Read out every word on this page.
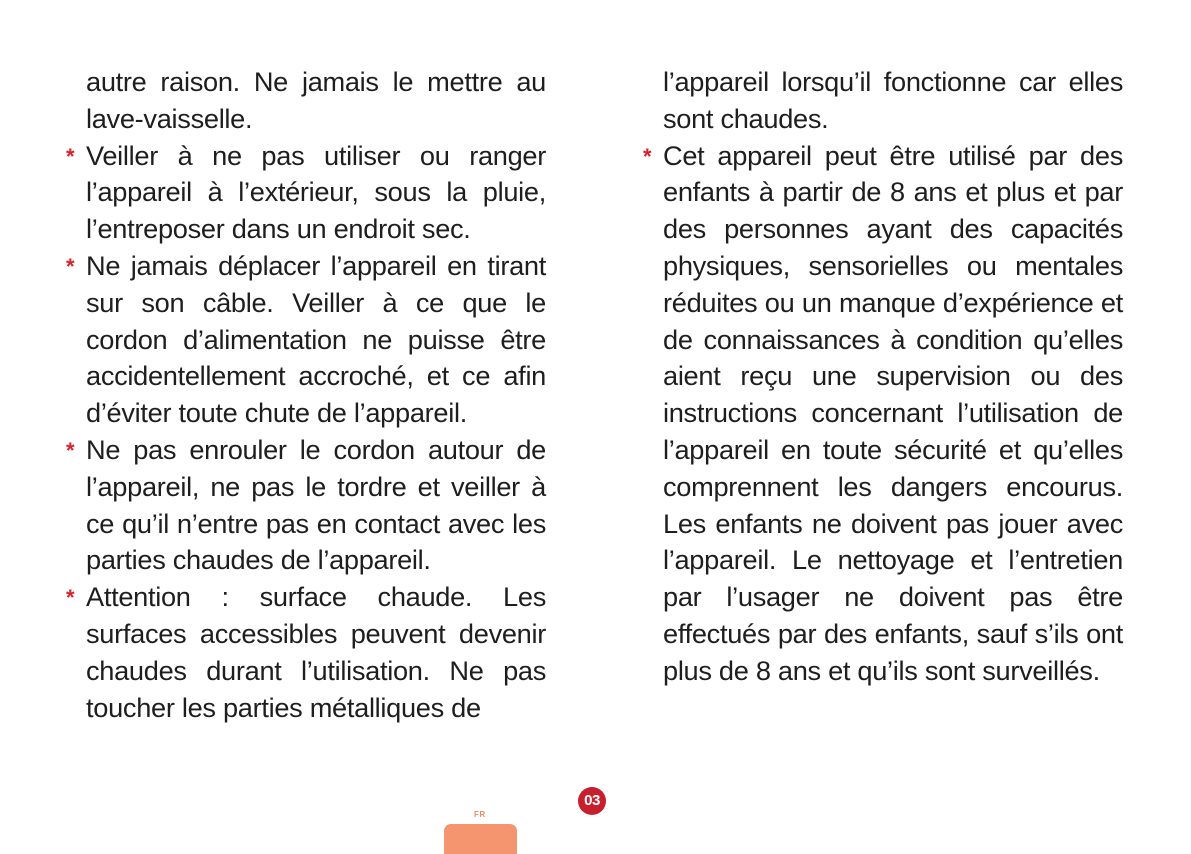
autre raison. Ne jamais le mettre au lave-vaisselle.

* Veiller à ne pas utiliser ou ranger l’appareil à l’extérieur, sous la pluie, l’entreposer dans un endroit sec.

* Ne jamais déplacer l’appareil en tirant sur son câble. Veiller à ce que le cordon d’alimentation ne puisse être accidentellement accroché, et ce afin d’éviter toute chute de l’appareil.

* Ne pas enrouler le cordon autour de l’appareil, ne pas le tordre et veiller à ce qu’il n’entre pas en contact avec les parties chaudes de l’appareil.

* Attention : surface chaude. Les surfaces accessibles peuvent devenir chaudes durant l’utilisation. Ne pas toucher les parties métalliques de

l’appareil lorsqu’il fonctionne car elles sont chaudes.

* Cet appareil peut être utilisé par des enfants à partir de 8 ans et plus et par des personnes ayant des capacités physiques, sensorielles ou mentales réduites ou un manque d’expérience et de connaissances à condition qu’elles aient reçu une supervision ou des instructions concernant l’utilisation de l’appareil en toute sécurité et qu’elles comprennent les dangers encourus. Les enfants ne doivent pas jouer avec l’appareil. Le nettoyage et l’entretien par l’usager ne doivent pas être effectués par des enfants, sauf s’ils ont plus de 8 ans et qu’ils sont surveillés.

03
FR
